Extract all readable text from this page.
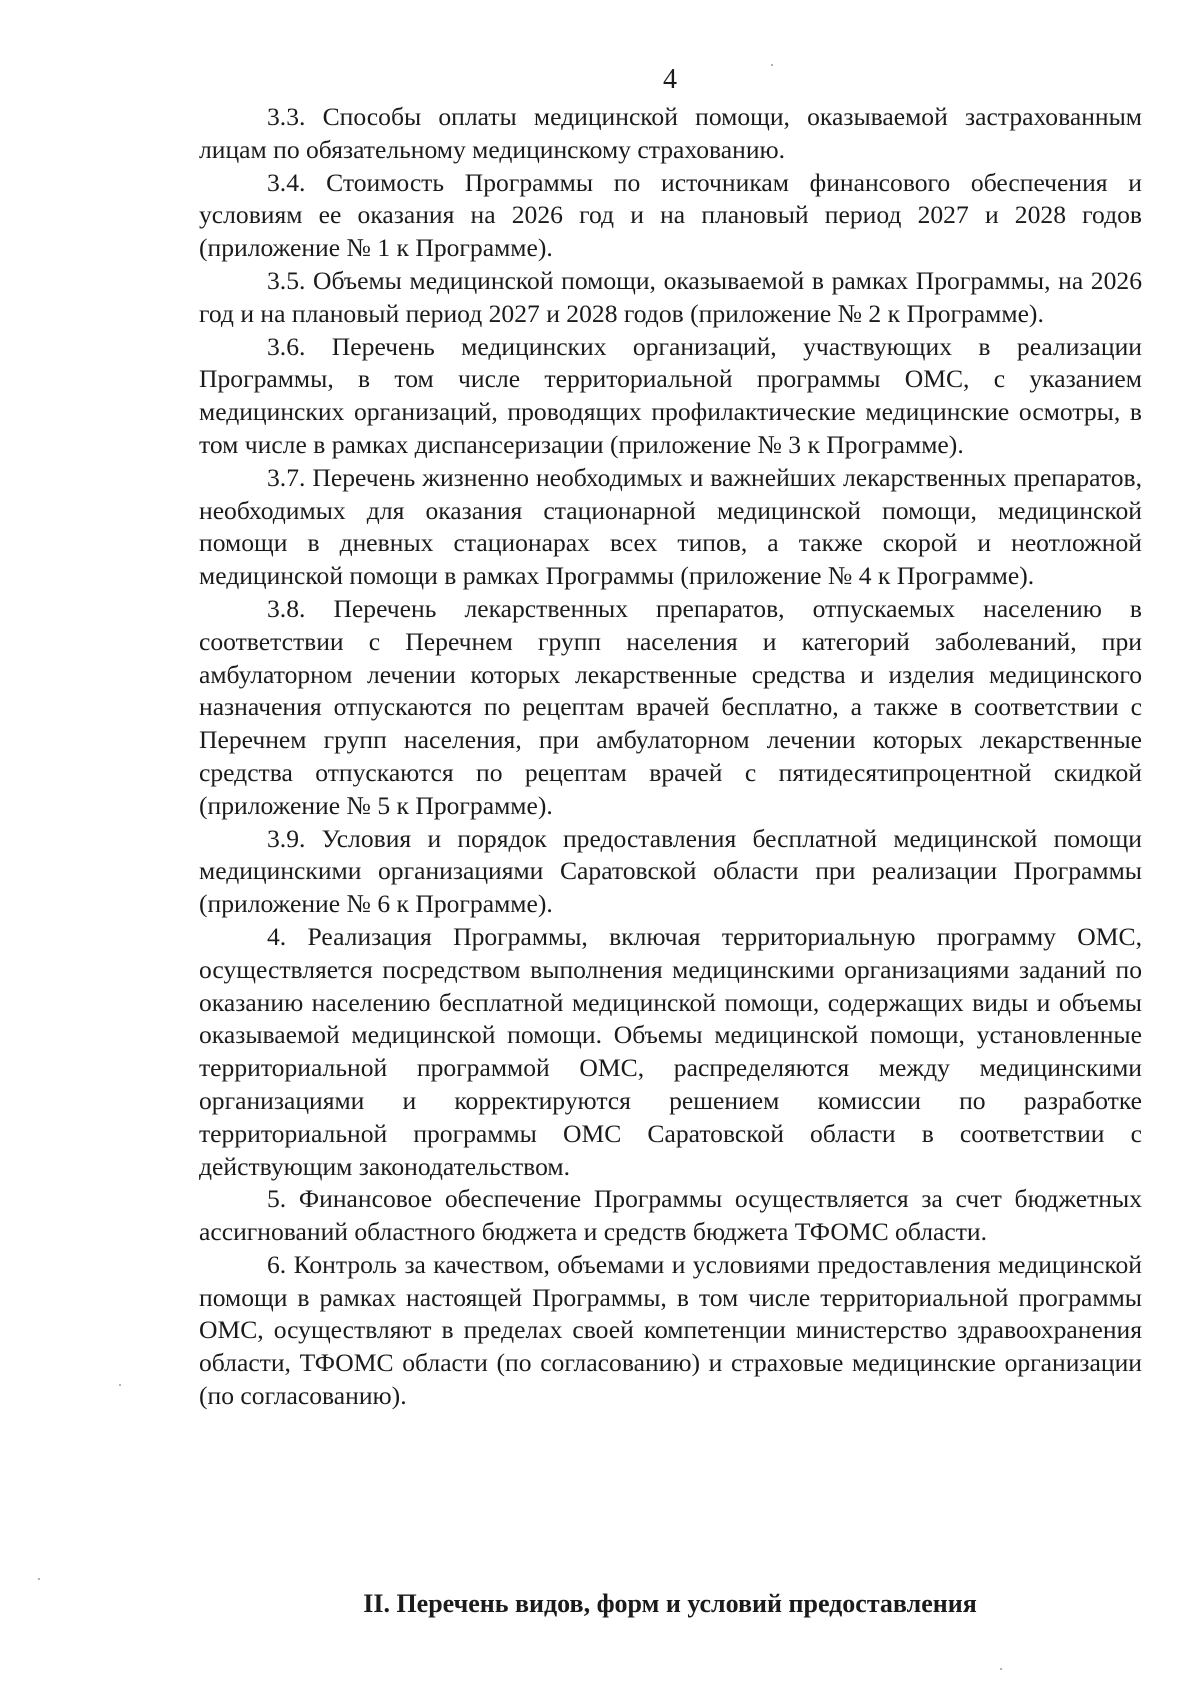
4

3.3. Способы оплаты медицинской помощи, оказываемой застрахованным лицам по обязательному медицинскому страхованию.

3.4. Стоимость Программы по источникам финансового обеспечения и условиям ее оказания на 2026 год и на плановый период 2027 и 2028 годов (приложение № 1 к Программе).

3.5. Объемы медицинской помощи, оказываемой в рамках Программы, на 2026 год и на плановый период 2027 и 2028 годов (приложение № 2 к Программе).

3.6. Перечень медицинских организаций, участвующих в реализации Программы, в том числе территориальной программы ОМС, с указанием медицинских организаций, проводящих профилактические медицинские осмотры, в том числе в рамках диспансеризации (приложение № 3 к Программе).

3.7. Перечень жизненно необходимых и важнейших лекарственных препаратов, необходимых для оказания стационарной медицинской помощи, медицинской помощи в дневных стационарах всех типов, а также скорой и неотложной медицинской помощи в рамках Программы (приложение № 4 к Программе).

3.8. Перечень лекарственных препаратов, отпускаемых населению в соответствии с Перечнем групп населения и категорий заболеваний, при амбулаторном лечении которых лекарственные средства и изделия медицинского назначения отпускаются по рецептам врачей бесплатно, а также в соответствии с Перечнем групп населения, при амбулаторном лечении которых лекарственные средства отпускаются по рецептам врачей с пятидесятипроцентной скидкой (приложение № 5 к Программе).

3.9. Условия и порядок предоставления бесплатной медицинской помощи медицинскими организациями Саратовской области при реализации Программы (приложение № 6 к Программе).

4. Реализация Программы, включая территориальную программу ОМС, осуществляется посредством выполнения медицинскими организациями заданий по оказанию населению бесплатной медицинской помощи, содержащих виды и объемы оказываемой медицинской помощи. Объемы медицинской помощи, установленные территориальной программой ОМС, распределяются между медицинскими организациями и корректируются решением комиссии по разработке территориальной программы ОМС Саратовской области в соответствии с действующим законодательством.

5. Финансовое обеспечение Программы осуществляется за счет бюджетных ассигнований областного бюджета и средств бюджета ТФОМС области.

6. Контроль за качеством, объемами и условиями предоставления медицинской помощи в рамках настоящей Программы, в том числе территориальной программы ОМС, осуществляют в пределах своей компетенции министерство здравоохранения области, ТФОМС области (по согласованию) и страховые медицинские организации (по согласованию).

II. Перечень видов, форм и условий предоставления
